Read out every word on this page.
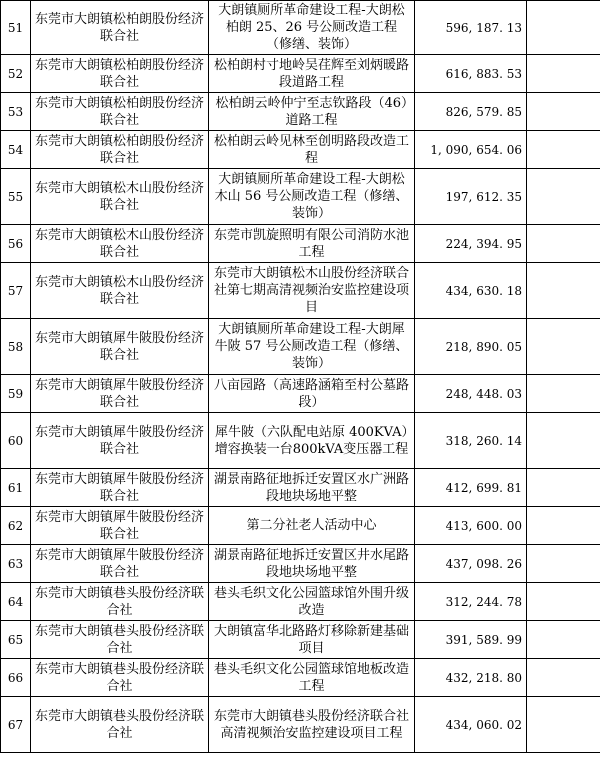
51	东莞市大朗镇松柏朗股份经济联合社	大朗镇厕所革命建设工程-大朗松柏朗 25、26 号公厕改造工程（修缮、装饰）	596, 187. 13	
52	东莞市大朗镇松柏朗股份经济联合社	松柏朗村寸地岭吴荏辉至刘炳暖路段道路工程	616, 883. 53	
53	东莞市大朗镇松柏朗股份经济联合社	松柏朗云岭仲宁至志钦路段（46）道路工程	826, 579. 85	
54	东莞市大朗镇松柏朗股份经济联合社	松柏朗云岭见林至创明路段改造工程	1, 090, 654. 06	
55	东莞市大朗镇松木山股份经济联合社	大朗镇厕所革命建设工程-大朗松木山 56 号公厕改造工程（修缮、装饰）	197, 612. 35	
56	东莞市大朗镇松木山股份经济联合社	东莞市凯旋照明有限公司消防水池工程	224, 394. 95	
57	东莞市大朗镇松木山股份经济联合社	东莞市大朗镇松木山股份经济联合社第七期高清视频治安监控建设项目	434, 630. 18	
58	东莞市大朗镇犀牛陂股份经济联合社	大朗镇厕所革命建设工程-大朗犀牛陂 57 号公厕改造工程（修缮、装饰）	218, 890. 05	
59	东莞市大朗镇犀牛陂股份经济联合社	八亩园路（高速路涵箱至村公墓路段）	248, 448. 03	
60	东莞市大朗镇犀牛陂股份经济联合社	犀牛陂（六队配电站原 400KVA）增容换装一台800kVA变压器工程	318, 260. 14	
61	东莞市大朗镇犀牛陂股份经济联合社	湖景南路征地拆迁安置区水广洲路段地块场地平整	412, 699. 81	
62	东莞市大朗镇犀牛陂股份经济联合社	第二分社老人活动中心	413, 600. 00	
63	东莞市大朗镇犀牛陂股份经济联合社	湖景南路征地拆迁安置区井水尾路段地块场地平整	437, 098. 26	
64	东莞市大朗镇巷头股份经济联合社	巷头毛织文化公园篮球馆外围升级改造	312, 244. 78	
65	东莞市大朗镇巷头股份经济联合社	大朗镇富华北路路灯移除新建基础项目	391, 589. 99	
66	东莞市大朗镇巷头股份经济联合社	巷头毛织文化公园篮球馆地板改造工程	432, 218. 80	
67	东莞市大朗镇巷头股份经济联合社	东莞市大朗镇巷头股份经济联合社高清视频治安监控建设项目工程	434, 060. 02	
